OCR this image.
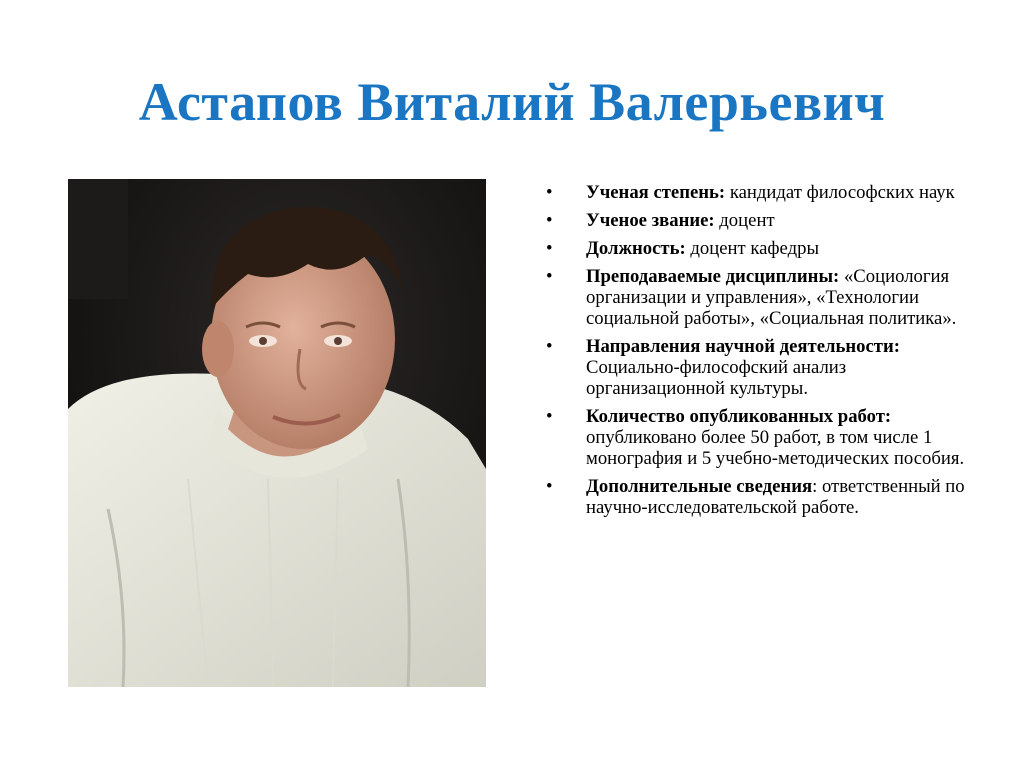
Астапов Виталий Валерьевич
• Ученая степень: кандидат философских наук
• Ученое звание: доцент
• Должность: доцент кафедры
• Преподаваемые дисциплины: «Социология организации и управления», «Технологии социальной работы», «Социальная политика».
• Направления научной деятельности: Социально-философский анализ организационной культуры.
• Количество опубликованных работ: опубликовано более 50 работ, в том числе 1 монография и 5 учебно-методических пособия.
• Дополнительные сведения: ответственный по научно-исследовательской работе.
